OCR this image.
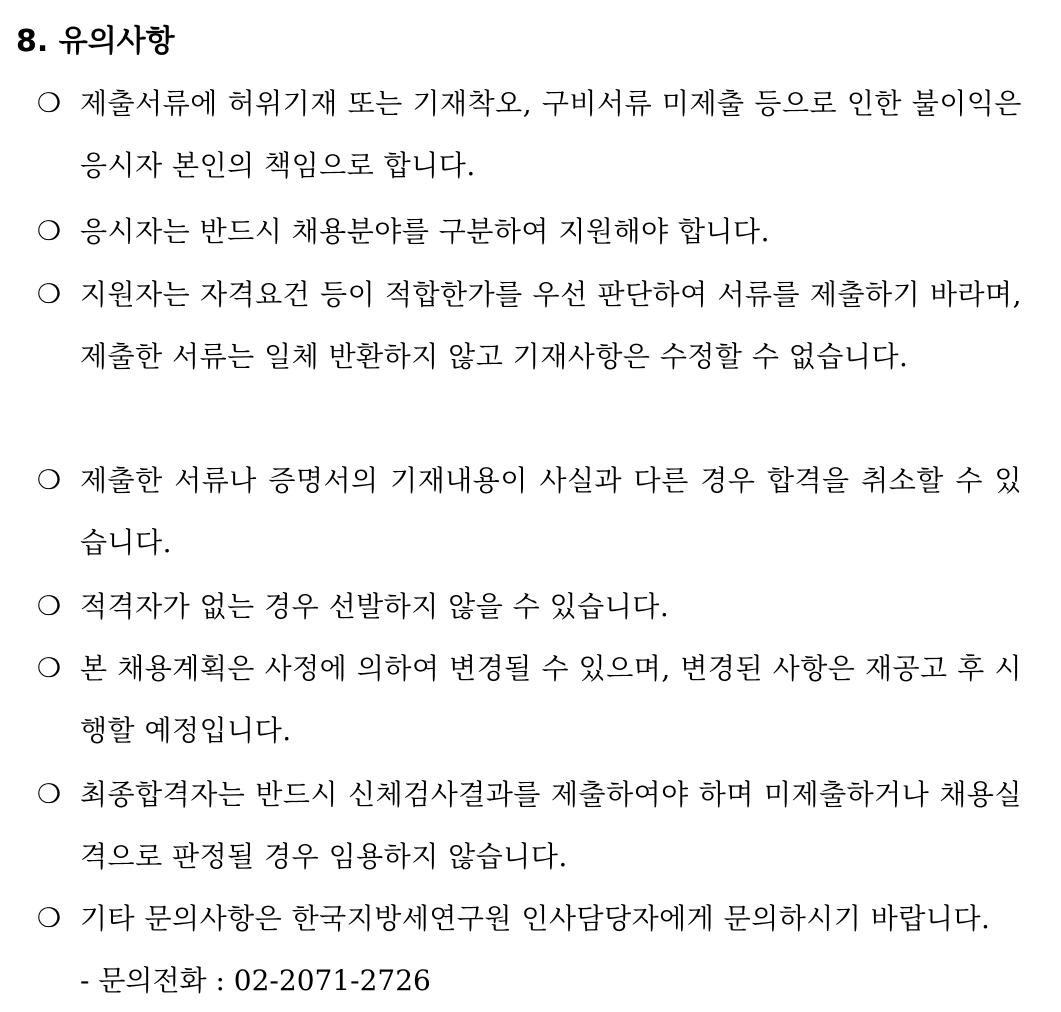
8. 유의사항
❍ 제출서류에 허위기재 또는 기재착오, 구비서류 미제출 등으로 인한 불이익은 응시자 본인의 책임으로 합니다.
❍ 응시자는 반드시 채용분야를 구분하여 지원해야 합니다.
❍ 지원자는 자격요건 등이 적합한가를 우선 판단하여 서류를 제출하기 바라며, 제출한 서류는 일체 반환하지 않고 기재사항은 수정할 수 없습니다.
❍ 제출한 서류나 증명서의 기재내용이 사실과 다른 경우 합격을 취소할 수 있습니다.
❍ 적격자가 없는 경우 선발하지 않을 수 있습니다.
❍ 본 채용계획은 사정에 의하여 변경될 수 있으며, 변경된 사항은 재공고 후 시행할 예정입니다.
❍ 최종합격자는 반드시 신체검사결과를 제출하여야 하며 미제출하거나 채용실격으로 판정될 경우 임용하지 않습니다.
❍ 기타 문의사항은 한국지방세연구원 인사담당자에게 문의하시기 바랍니다.
- 문의전화 : 02-2071-2726
